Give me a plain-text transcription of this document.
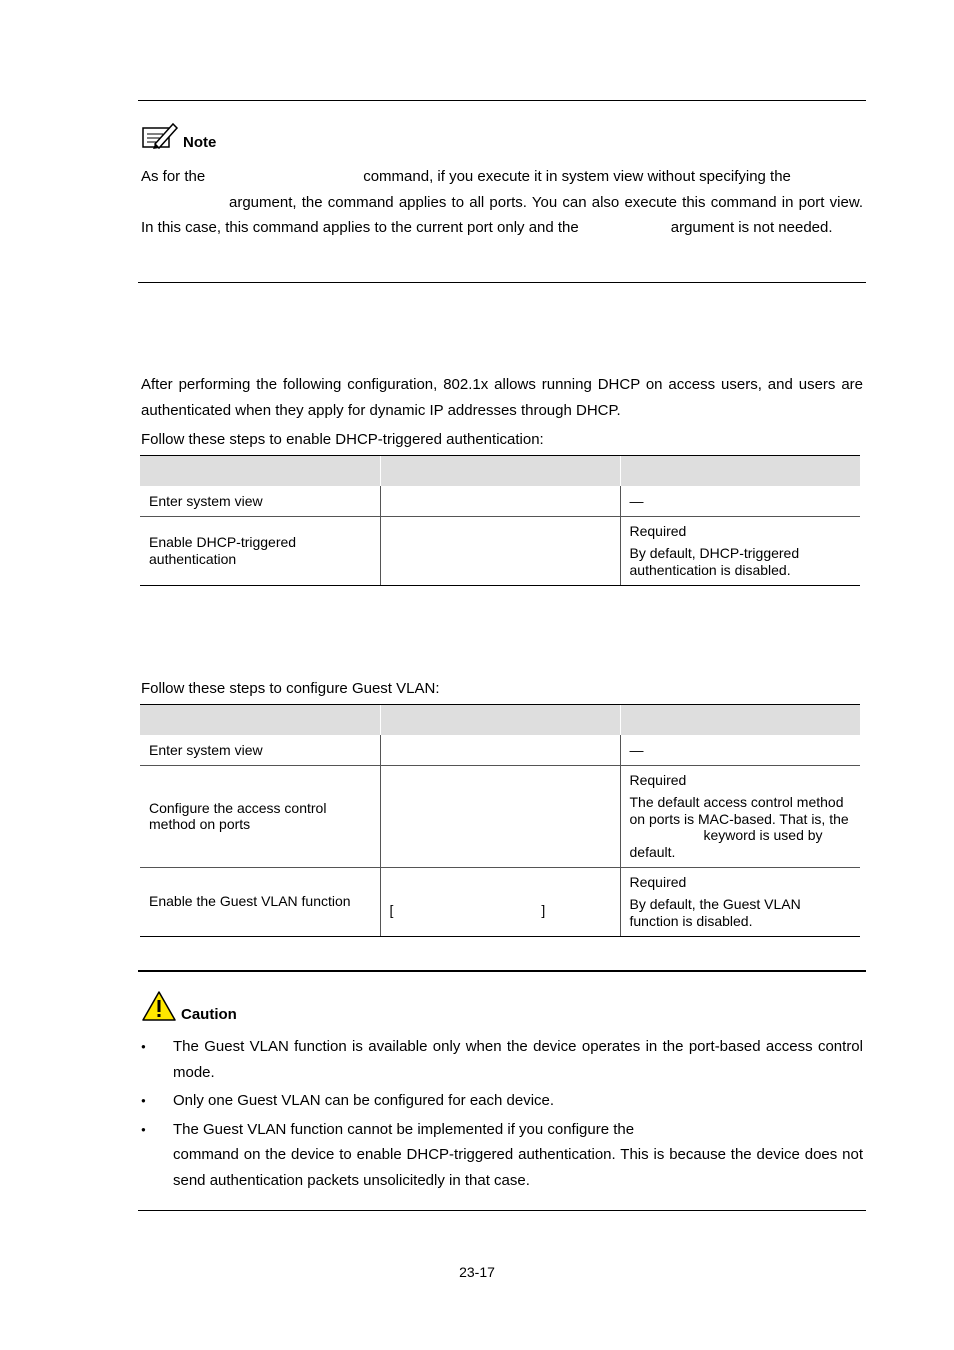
Note

As for the	command, if you execute it in system view without specifying the
argument, the command applies to all ports. You can also execute this command in port view. In this case, this command applies to the current port only and the	argument is not needed.

After performing the following configuration, 802.1x allows running DHCP on access users, and users are authenticated when they apply for dynamic IP addresses through DHCP.

Follow these steps to enable DHCP-triggered authentication:

Enter system view		—
Enable DHCP-triggered authentication		Required

By default, DHCP-triggered authentication is disabled.

Follow these steps to configure Guest VLAN:

Enter system view		—
Configure the access control method on ports		Required

The default access control method on ports is MAC-based. That is, thekeyword is used by default.

Enable the Guest VLAN function	[ ]	Required

By default, the Guest VLAN function is disabled.

Caution
● The Guest VLAN function is available only when the device operates in the port-based access control mode.
● Only one Guest VLAN can be configured for each device.
● The Guest VLAN function cannot be implemented if you configure the
command on the device to enable DHCP-triggered authentication. This is because the device does not send authentication packets unsolicitedly in that case.
23-17
